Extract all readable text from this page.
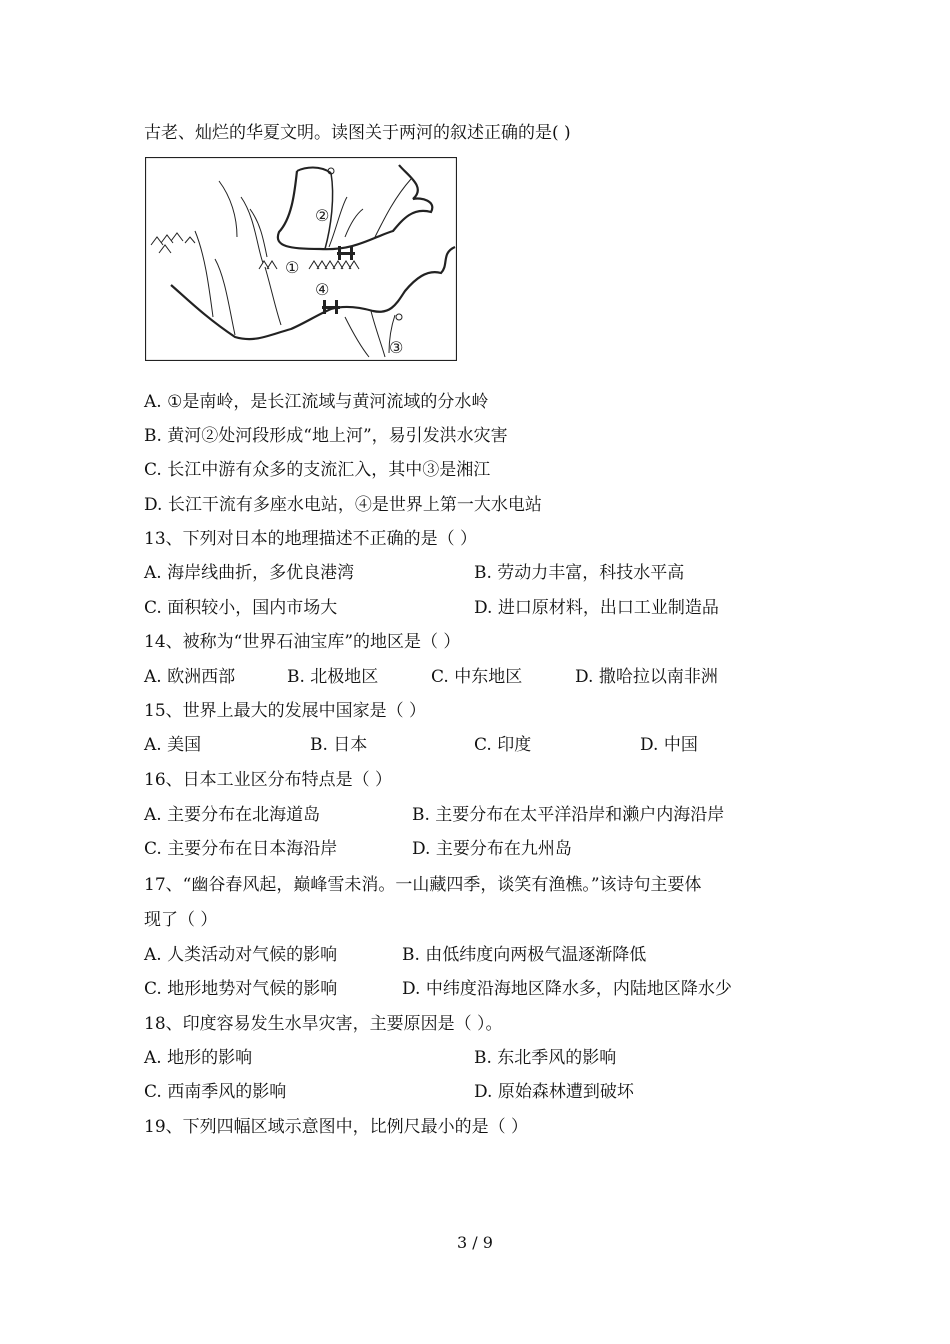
古老、灿烂的华夏文明。读图关于两河的叙述正确的是( )
②
①
④
③
A. ①是南岭，是长江流域与黄河流域的分水岭
B. 黄河②处河段形成“地上河”，易引发洪水灾害
C. 长江中游有众多的支流汇入，其中③是湘江
D. 长江干流有多座水电站，④是世界上第一大水电站
13、下列对日本的地理描述不正确的是（ ）
A. 海岸线曲折，多优良港湾	B. 劳动力丰富，科技水平高
C. 面积较小，国内市场大	D. 进口原材料，出口工业制造品
14、被称为“世界石油宝库”的地区是（ ）
A. 欧洲西部	B. 北极地区	C. 中东地区	D. 撒哈拉以南非洲
15、世界上最大的发展中国家是（ ）
A. 美国	B. 日本	C. 印度	D. 中国
16、日本工业区分布特点是（ ）
A. 主要分布在北海道岛	B. 主要分布在太平洋沿岸和濑户内海沿岸
C. 主要分布在日本海沿岸	D. 主要分布在九州岛
17、“幽谷春风起，巅峰雪未消。一山藏四季，谈笑有渔樵。”该诗句主要体
现了（ ）
A. 人类活动对气候的影响	B. 由低纬度向两极气温逐渐降低
C. 地形地势对气候的影响	D. 中纬度沿海地区降水多，内陆地区降水少
18、印度容易发生水旱灾害，主要原因是（ ）。
A. 地形的影响	B. 东北季风的影响
C. 西南季风的影响	D. 原始森林遭到破坏
19、下列四幅区域示意图中，比例尺最小的是（ ）
3 / 9
